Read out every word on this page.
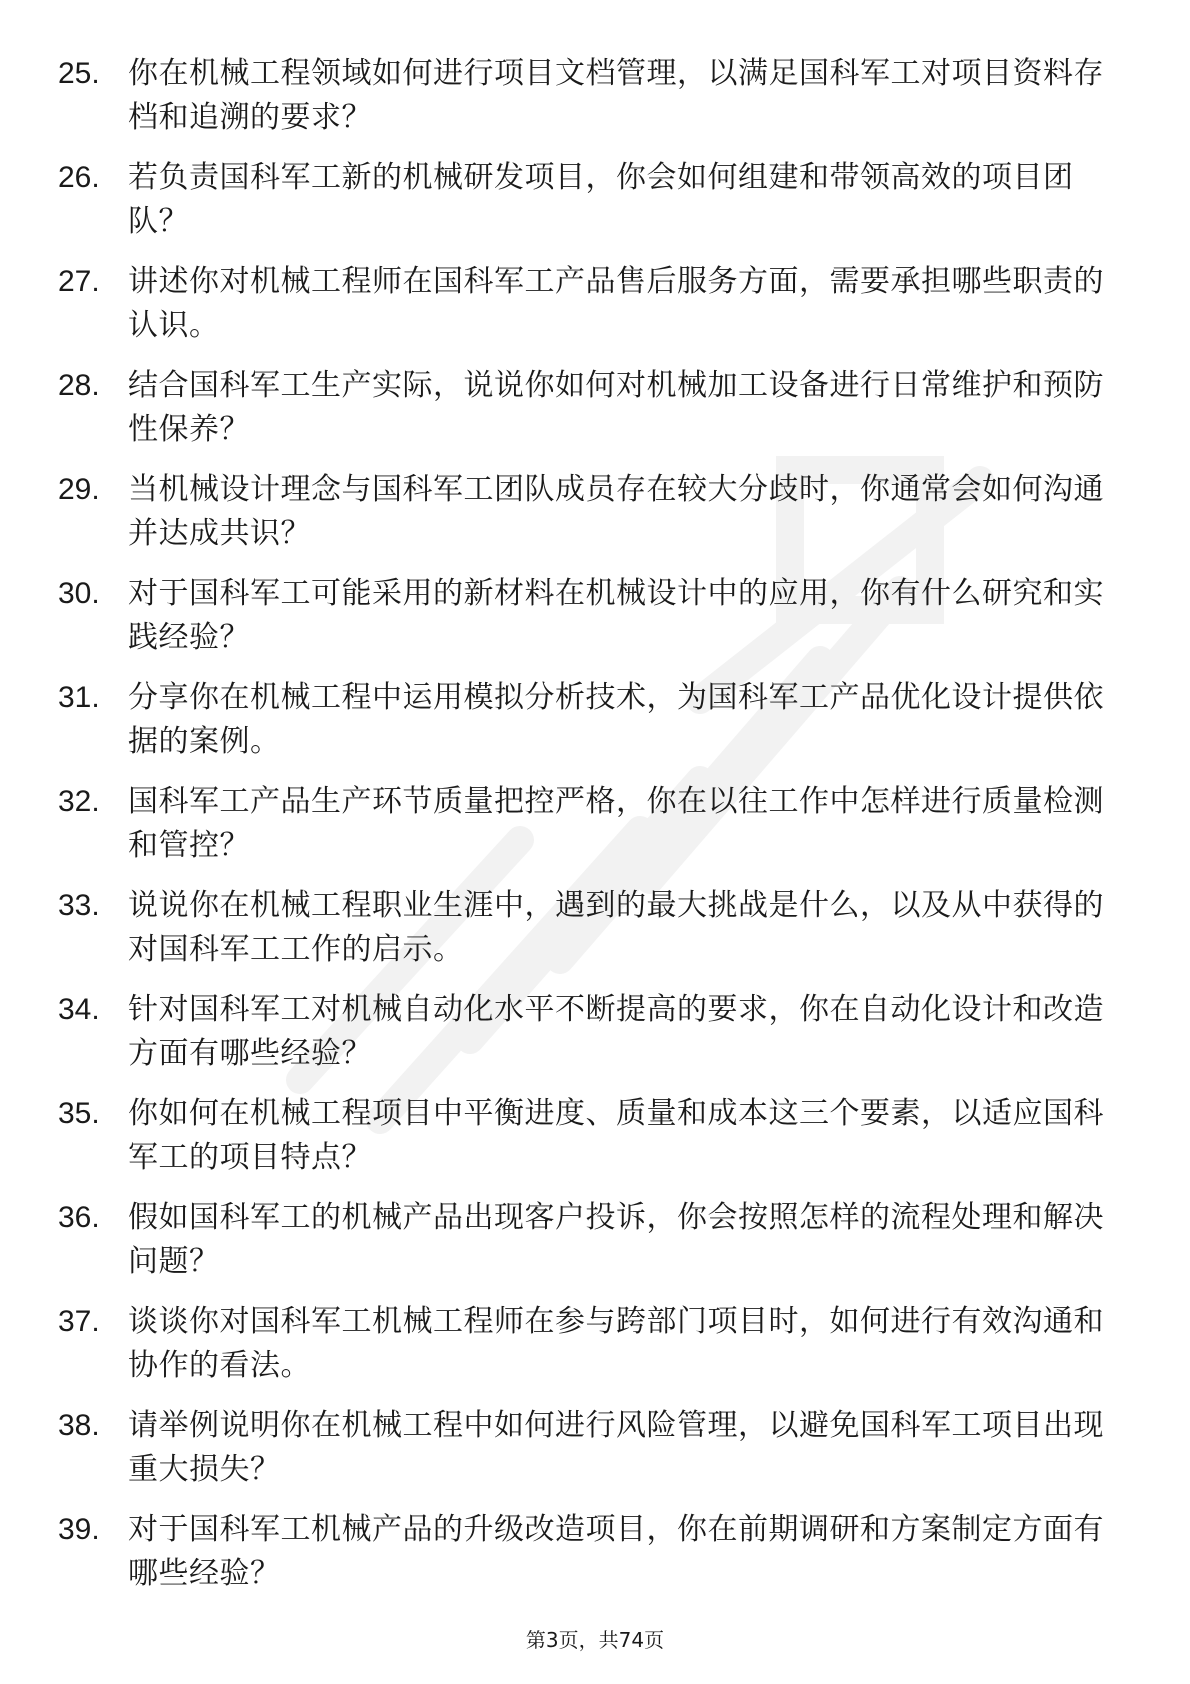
25. 你在机械工程领域如何进行项目文档管理，以满足国科军工对项目资料存档和追溯的要求？
26. 若负责国科军工新的机械研发项目，你会如何组建和带领高效的项目团队？
27. 讲述你对机械工程师在国科军工产品售后服务方面，需要承担哪些职责的认识。
28. 结合国科军工生产实际，说说你如何对机械加工设备进行日常维护和预防性保养？
29. 当机械设计理念与国科军工团队成员存在较大分歧时，你通常会如何沟通并达成共识？
30. 对于国科军工可能采用的新材料在机械设计中的应用，你有什么研究和实践经验？
31. 分享你在机械工程中运用模拟分析技术，为国科军工产品优化设计提供依据的案例。
32. 国科军工产品生产环节质量把控严格，你在以往工作中怎样进行质量检测和管控？
33. 说说你在机械工程职业生涯中，遇到的最大挑战是什么，以及从中获得的对国科军工工作的启示。
34. 针对国科军工对机械自动化水平不断提高的要求，你在自动化设计和改造方面有哪些经验？
35. 你如何在机械工程项目中平衡进度、质量和成本这三个要素，以适应国科军工的项目特点？
36. 假如国科军工的机械产品出现客户投诉，你会按照怎样的流程处理和解决问题？
37. 谈谈你对国科军工机械工程师在参与跨部门项目时，如何进行有效沟通和协作的看法。
38. 请举例说明你在机械工程中如何进行风险管理，以避免国科军工项目出现重大损失？
39. 对于国科军工机械产品的升级改造项目，你在前期调研和方案制定方面有哪些经验？
第3页，共74页
